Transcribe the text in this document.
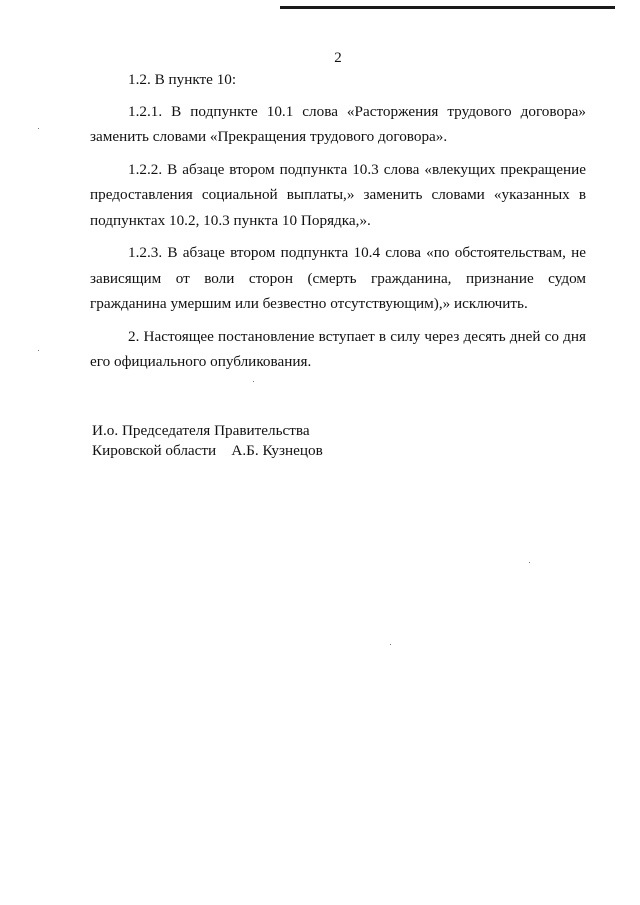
2

1.2. В пункте 10:

1.2.1. В подпункте 10.1 слова «Расторжения трудового договора» заменить словами «Прекращения трудового договора».

1.2.2. В абзаце втором подпункта 10.3 слова «влекущих прекращение предоставления социальной выплаты,» заменить словами «указанных в подпунктах 10.2, 10.3 пункта 10 Порядка,».

1.2.3. В абзаце втором подпункта 10.4 слова «по обстоятельствам, не зависящим от воли сторон (смерть гражданина, признание судом гражданина умершим или безвестно отсутствующим),» исключить.

2. Настоящее постановление вступает в силу через десять дней со дня его официального опубликования.

И.о. Председателя Правительства
Кировской области А.Б. Кузнецов
